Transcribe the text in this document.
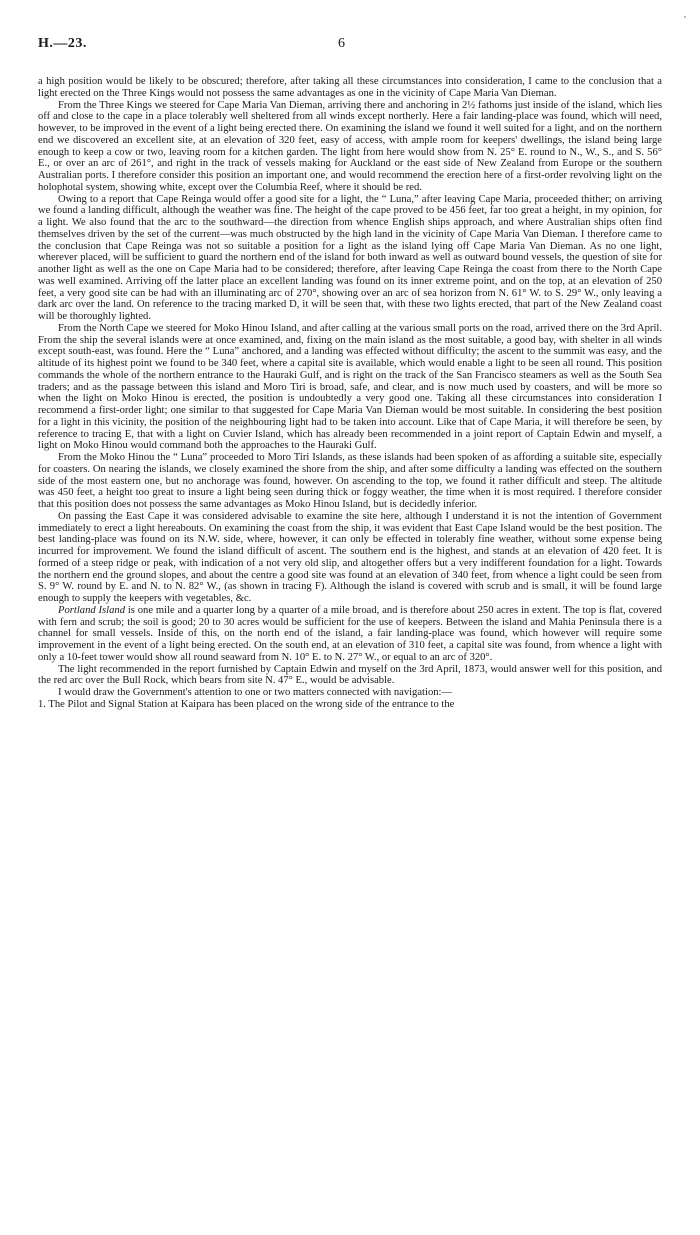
'
H.—23.	6

a high position would be likely to be obscured; therefore, after taking all these circumstances into consideration, I came to the conclusion that a light erected on the Three Kings would not possess the same advantages as one in the vicinity of Cape Maria Van Dieman.

From the Three Kings we steered for Cape Maria Van Dieman, arriving there and anchoring in 2½ fathoms just inside of the island, which lies off and close to the cape in a place tolerably well sheltered from all winds except northerly. Here a fair landing-place was found, which will need, however, to be improved in the event of a light being erected there. On examining the island we found it well suited for a light, and on the northern end we discovered an excellent site, at an elevation of 320 feet, easy of access, with ample room for keepers' dwellings, the island being large enough to keep a cow or two, leaving room for a kitchen garden. The light from here would show from N. 25° E. round to N., W., S., and S. 56° E., or over an arc of 261°, and right in the track of vessels making for Auckland or the east side of New Zealand from Europe or the southern Australian ports. I therefore consider this position an important one, and would recommend the erection here of a first-order revolving light on the holophotal system, showing white, except over the Columbia Reef, where it should be red.

Owing to a report that Cape Reinga would offer a good site for a light, the “ Luna,” after leaving Cape Maria, proceeded thither; on arriving we found a landing difficult, although the weather was fine. The height of the cape proved to be 456 feet, far too great a height, in my opinion, for a light. We also found that the arc to the southward—the direction from whence English ships approach, and where Australian ships often find themselves driven by the set of the current—was much obstructed by the high land in the vicinity of Cape Maria Van Dieman. I therefore came to the conclusion that Cape Reinga was not so suitable a position for a light as the island lying off Cape Maria Van Dieman. As no one light, wherever placed, will be sufficient to guard the northern end of the island for both inward as well as outward bound vessels, the question of site for another light as well as the one on Cape Maria had to be considered; therefore, after leaving Cape Reinga the coast from there to the North Cape was well examined. Arriving off the latter place an excellent landing was found on its inner extreme point, and on the top, at an elevation of 250 feet, a very good site can be had with an illuminating arc of 270°, showing over an arc of sea horizon from N. 61° W. to S. 29° W., only leaving a dark arc over the land. On reference to the tracing marked D, it will be seen that, with these two lights erected, that part of the New Zealand coast will be thoroughly lighted.

From the North Cape we steered for Moko Hinou Island, and after calling at the various small ports on the road, arrived there on the 3rd April. From the ship the several islands were at once examined, and, fixing on the main island as the most suitable, a good bay, with shelter in all winds except south-east, was found. Here the “ Luna” anchored, and a landing was effected without difficulty; the ascent to the summit was easy, and the altitude of its highest point we found to be 340 feet, where a capital site is available, which would enable a light to be seen all round. This position commands the whole of the northern entrance to the Hauraki Gulf, and is right on the track of the San Francisco steamers as well as the South Sea traders; and as the passage between this island and Moro Tiri is broad, safe, and clear, and is now much used by coasters, and will be more so when the light on Moko Hinou is erected, the position is undoubtedly a very good one. Taking all these circumstances into consideration I recommend a first-order light; one similar to that suggested for Cape Maria Van Dieman would be most suitable. In considering the best position for a light in this vicinity, the position of the neighbouring light had to be taken into account. Like that of Cape Maria, it will therefore be seen, by reference to tracing E, that with a light on Cuvier Island, which has already been recommended in a joint report of Captain Edwin and myself, a light on Moko Hinou would command both the approaches to the Hauraki Gulf.

From the Moko Hinou the “ Luna” proceeded to Moro Tiri Islands, as these islands had been spoken of as affording a suitable site, especially for coasters. On nearing the islands, we closely examined the shore from the ship, and after some difficulty a landing was effected on the southern side of the most eastern one, but no anchorage was found, however. On ascending to the top, we found it rather difficult and steep. The altitude was 450 feet, a height too great to insure a light being seen during thick or foggy weather, the time when it is most required. I therefore consider that this position does not possess the same advantages as Moko Hinou Island, but is decidedly inferior.

On passing the East Cape it was considered advisable to examine the site here, although I understand it is not the intention of Government immediately to erect a light hereabouts. On examining the coast from the ship, it was evident that East Cape Island would be the best position. The best landing-place was found on its N.W. side, where, however, it can only be effected in tolerably fine weather, without some expense being incurred for improvement. We found the island difficult of ascent. The southern end is the highest, and stands at an elevation of 420 feet. It is formed of a steep ridge or peak, with indication of a not very old slip, and altogether offers but a very indifferent foundation for a light. Towards the northern end the ground slopes, and about the centre a good site was found at an elevation of 340 feet, from whence a light could be seen from S. 9° W. round by E. and N. to N. 82° W., (as shown in tracing F). Although the island is covered with scrub and is small, it will be found large enough to supply the keepers with vegetables, &c.

Portland Island is one mile and a quarter long by a quarter of a mile broad, and is therefore about 250 acres in extent. The top is flat, covered with fern and scrub; the soil is good; 20 to 30 acres would be sufficient for the use of keepers. Between the island and Mahia Peninsula there is a channel for small vessels. Inside of this, on the north end of the island, a fair landing-place was found, which however will require some improvement in the event of a light being erected. On the south end, at an elevation of 310 feet, a capital site was found, from whence a light with only a 10-feet tower would show all round seaward from N. 10° E. to N. 27° W., or equal to an arc of 320°.

The light recommended in the report furnished by Captain Edwin and myself on the 3rd April, 1873, would answer well for this position, and the red arc over the Bull Rock, which bears from site N. 47° E., would be advisable.

I would draw the Government's attention to one or two matters connected with navigation:—

1. The Pilot and Signal Station at Kaipara has been placed on the wrong side of the entrance to the
